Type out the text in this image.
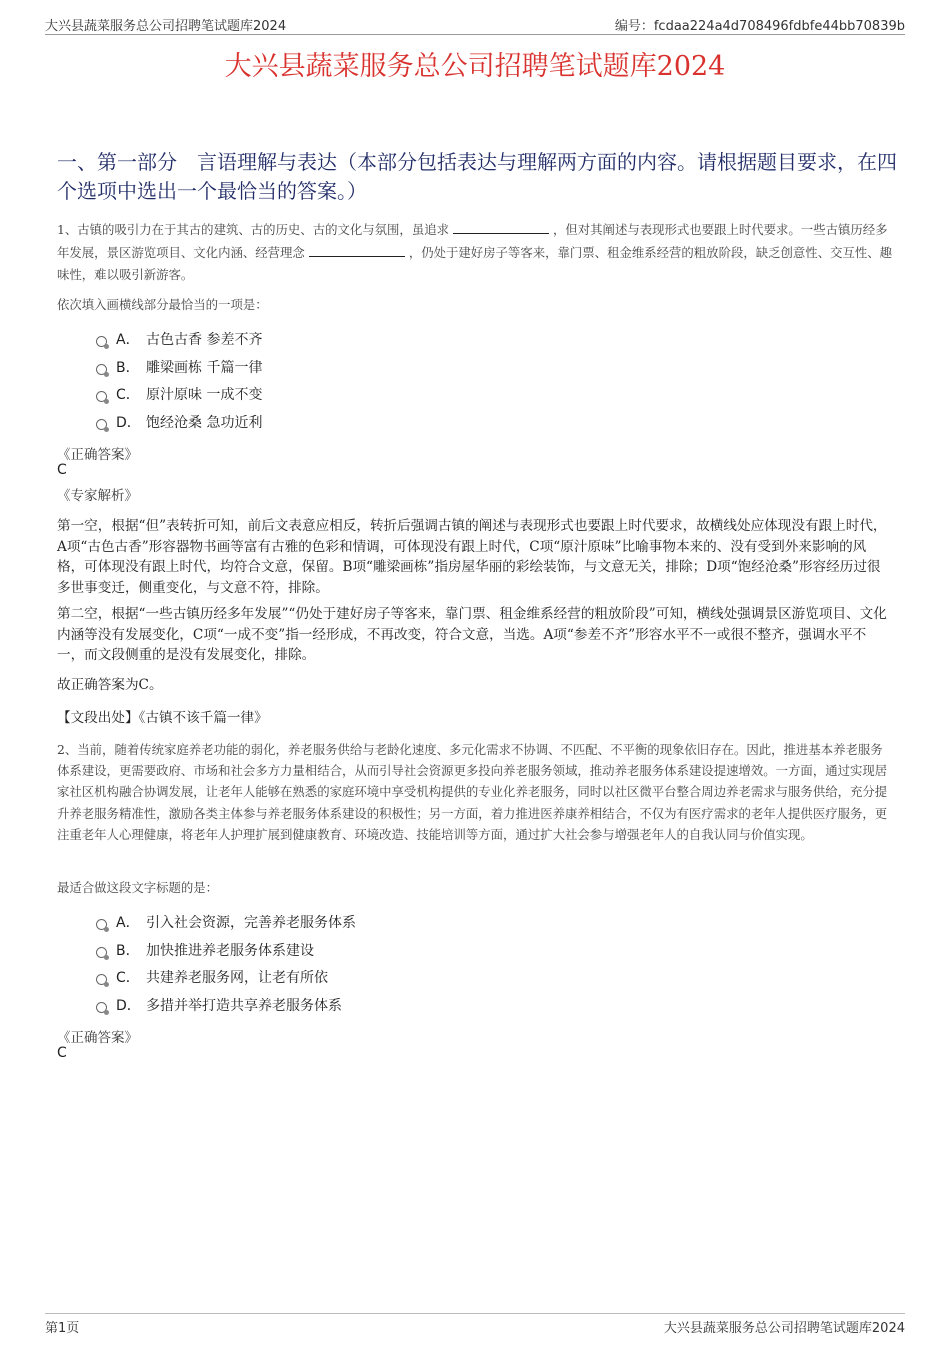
大兴县蔬菜服务总公司招聘笔试题库2024	编号：fcdaa224a4d708496fdbfe44bb70839b
大兴县蔬菜服务总公司招聘笔试题库2024
一、第一部分　言语理解与表达（本部分包括表达与理解两方面的内容。请根据题目要求，在四个选项中选出一个最恰当的答案。）
1、古镇的吸引力在于其古的建筑、古的历史、古的文化与氛围，虽追求	，但对其阐述与表现形式也要跟上时代要求。一些古镇历经多年发展，景区游览项目、文化内涵、经营理念	，仍处于建好房子等客来，靠门票、租金维系经营的粗放阶段，缺乏创意性、交互性、趣味性，难以吸引新游客。
依次填入画横线部分最恰当的一项是：
A． 古色古香 参差不齐
B． 雕梁画栋 千篇一律
C． 原汁原味 一成不变
D． 饱经沧桑 急功近利
《正确答案》
C
《专家解析》
第一空，根据“但”表转折可知，前后文表意应相反，转折后强调古镇的阐述与表现形式也要跟上时代要求，故横线处应体现没有跟上时代，A项“古色古香”形容器物书画等富有古雅的色彩和情调，可体现没有跟上时代，C项“原汁原味”比喻事物本来的、没有受到外来影响的风格，可体现没有跟上时代，均符合文意，保留。B项“雕梁画栋”指房屋华丽的彩绘装饰，与文意无关，排除；D项“饱经沧桑”形容经历过很多世事变迁，侧重变化，与文意不符，排除。
第二空，根据“一些古镇历经多年发展”“仍处于建好房子等客来，靠门票、租金维系经营的粗放阶段”可知，横线处强调景区游览项目、文化内涵等没有发展变化，C项“一成不变”指一经形成，不再改变，符合文意，当选。A项“参差不齐”形容水平不一或很不整齐，强调水平不一，而文段侧重的是没有发展变化，排除。
故正确答案为C。
【文段出处】《古镇不该千篇一律》
2、当前，随着传统家庭养老功能的弱化，养老服务供给与老龄化速度、多元化需求不协调、不匹配、不平衡的现象依旧存在。因此，推进基本养老服务体系建设，更需要政府、市场和社会多方力量相结合，从而引导社会资源更多投向养老服务领域，推动养老服务体系建设提速增效。一方面，通过实现居家社区机构融合协调发展，让老年人能够在熟悉的家庭环境中享受机构提供的专业化养老服务，同时以社区微平台整合周边养老需求与服务供给，充分提升养老服务精准性，激励各类主体参与养老服务体系建设的积极性；另一方面，着力推进医养康养相结合，不仅为有医疗需求的老年人提供医疗服务，更注重老年人心理健康，将老年人护理扩展到健康教育、环境改造、技能培训等方面，通过扩大社会参与增强老年人的自我认同与价值实现。
最适合做这段文字标题的是：
A． 引入社会资源，完善养老服务体系
B． 加快推进养老服务体系建设
C． 共建养老服务网，让老有所依
D． 多措并举打造共享养老服务体系
《正确答案》
C
第1页	大兴县蔬菜服务总公司招聘笔试题库2024
